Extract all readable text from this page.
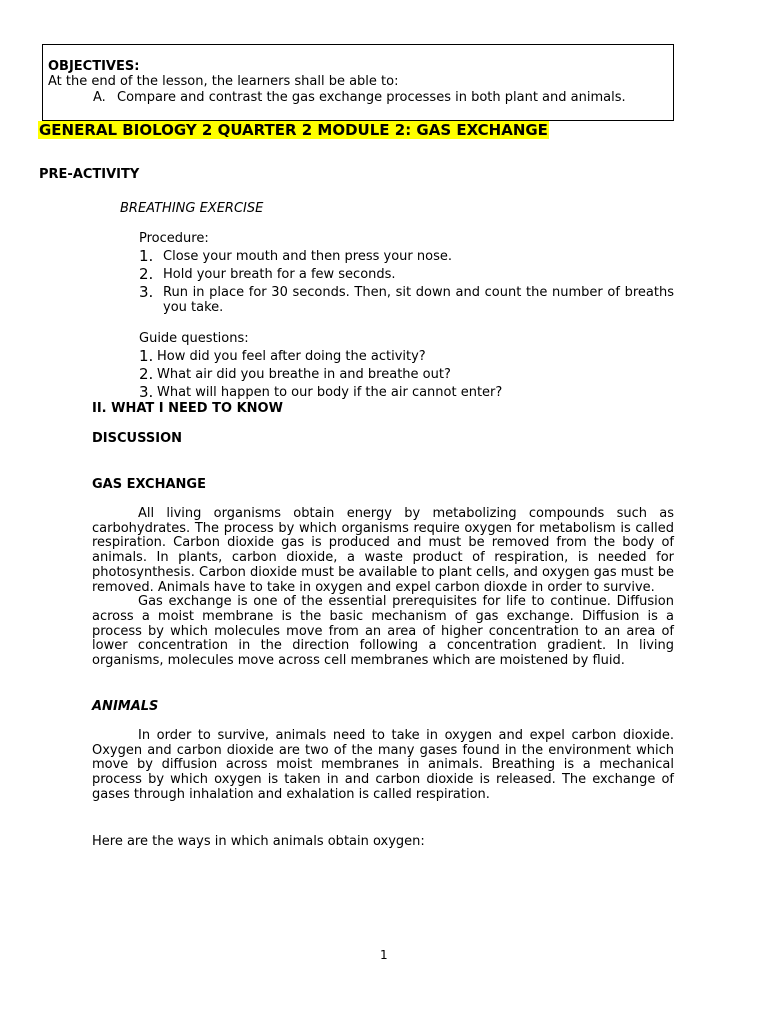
OBJECTIVES:
At the end of the lesson, the learners shall be able to:
A. Compare and contrast the gas exchange processes in both plant and animals.
GENERAL BIOLOGY 2 QUARTER 2 MODULE 2: GAS EXCHANGE
PRE-ACTIVITY
BREATHING EXERCISE
Procedure:
1. Close your mouth and then press your nose.
2. Hold your breath for a few seconds.
3. Run in place for 30 seconds. Then, sit down and count the number of breaths
you take.
Guide questions:
1. How did you feel after doing the activity?
2. What air did you breathe in and breathe out?
3. What will happen to our body if the air cannot enter?
II. WHAT I NEED TO KNOW
DISCUSSION
GAS EXCHANGE

All living organisms obtain energy by metabolizing compounds such as carbohydrates. The process by which organisms require oxygen for metabolism is called respiration. Carbon dioxide gas is produced and must be removed from the body of animals. In plants, carbon dioxide, a waste product of respiration, is needed for photosynthesis. Carbon dioxide must be available to plant cells, and oxygen gas must be removed. Animals have to take in oxygen and expel carbon dioxde in order to survive.

Gas exchange is one of the essential prerequisites for life to continue. Diffusion across a moist membrane is the basic mechanism of gas exchange. Diffusion is a process by which molecules move from an area of higher concentration to an area of lower concentration in the direction following a concentration gradient. In living organisms, molecules move across cell membranes which are moistened by fluid.

ANIMALS

In order to survive, animals need to take in oxygen and expel carbon dioxide. Oxygen and carbon dioxide are two of the many gases found in the environment which move by diffusion across moist membranes in animals. Breathing is a mechanical process by which oxygen is taken in and carbon dioxide is released. The exchange of gases through inhalation and exhalation is called respiration.

Here are the ways in which animals obtain oxygen:
1
